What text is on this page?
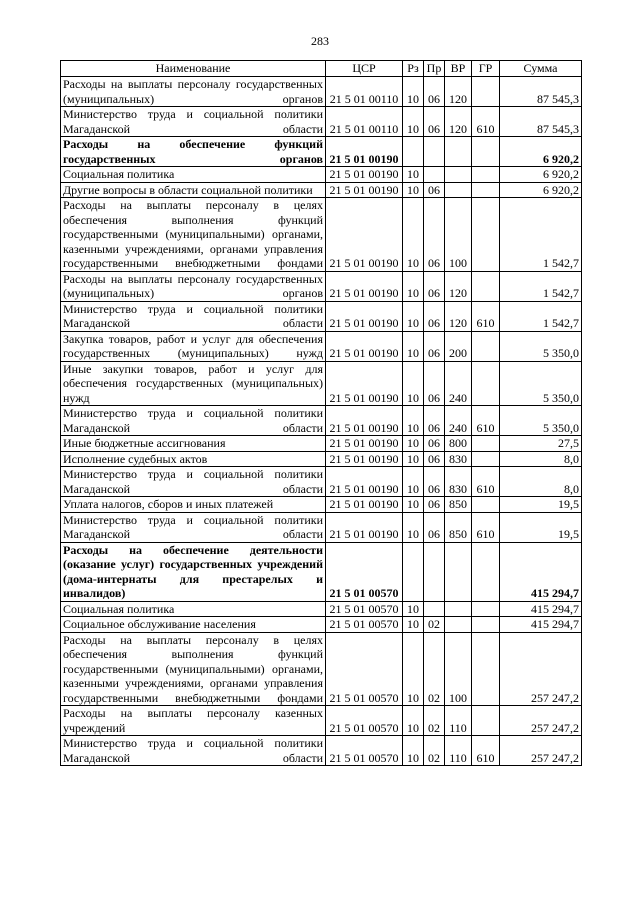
283
Наименование	ЦСР	Рз	Пр	ВР	ГР	Сумма
Расходы на выплаты персоналу государственных (муниципальных) органов	21 5 01 00110	10	06	120		87 545,3
Министерство труда и социальной политики Магаданской области	21 5 01 00110	10	06	120	610	87 545,3
Расходы на обеспечение функций государственных органов	21 5 01 00190					6 920,2
Социальная политика	21 5 01 00190	10				6 920,2
Другие вопросы в области социальной политики	21 5 01 00190	10	06			6 920,2
Расходы на выплаты персоналу в целях обеспечения выполнения функций государственными (муниципальными) органами, казенными учреждениями, органами управления государственными внебюджетными фондами	21 5 01 00190	10	06	100		1 542,7
Расходы на выплаты персоналу государственных (муниципальных) органов	21 5 01 00190	10	06	120		1 542,7
Министерство труда и социальной политики Магаданской области	21 5 01 00190	10	06	120	610	1 542,7
Закупка товаров, работ и услуг для обеспечения государственных (муниципальных) нужд	21 5 01 00190	10	06	200		5 350,0
Иные закупки товаров, работ и услуг для обеспечения государственных (муниципальных) нужд	21 5 01 00190	10	06	240		5 350,0
Министерство труда и социальной политики Магаданской области	21 5 01 00190	10	06	240	610	5 350,0
Иные бюджетные ассигнования	21 5 01 00190	10	06	800		27,5
Исполнение судебных актов	21 5 01 00190	10	06	830		8,0
Министерство труда и социальной политики Магаданской области	21 5 01 00190	10	06	830	610	8,0
Уплата налогов, сборов и иных платежей	21 5 01 00190	10	06	850		19,5
Министерство труда и социальной политики Магаданской области	21 5 01 00190	10	06	850	610	19,5
Расходы на обеспечение деятельности (оказание услуг) государственных учреждений (дома-интернаты для престарелых и инвалидов)	21 5 01 00570					415 294,7
Социальная политика	21 5 01 00570	10				415 294,7
Социальное обслуживание населения	21 5 01 00570	10	02			415 294,7
Расходы на выплаты персоналу в целях обеспечения выполнения функций государственными (муниципальными) органами, казенными учреждениями, органами управления государственными внебюджетными фондами	21 5 01 00570	10	02	100		257 247,2
Расходы на выплаты персоналу казенных учреждений	21 5 01 00570	10	02	110		257 247,2
Министерство труда и социальной политики Магаданской области	21 5 01 00570	10	02	110	610	257 247,2
